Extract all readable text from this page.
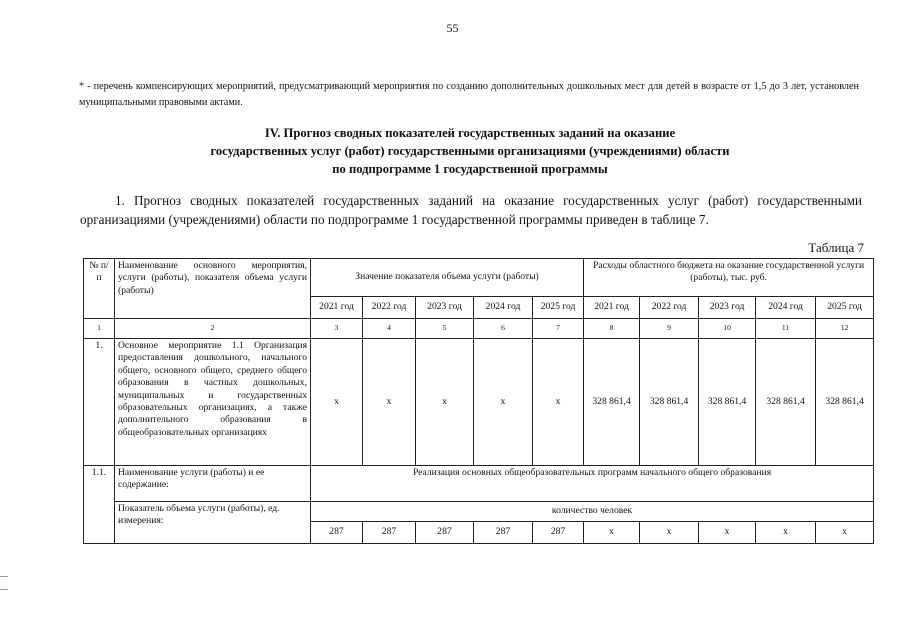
55
* - перечень компенсирующих мероприятий, предусматривающий мероприятия по созданию дополнительных дошкольных мест для детей в возрасте от 1,5 до 3 лет, установлен муниципальными правовыми актами.
IV. Прогноз сводных показателей государственных заданий на оказание
государственных услуг (работ) государственными организациями (учреждениями) области
по подпрограмме 1 государственной программы
1. Прогноз сводных показателей государственных заданий на оказание государственных услуг (работ) государственными организациями (учреждениями) области по подпрограмме 1 государственной программы приведен в таблице 7.
Таблица 7
№ п/п	Наименование основного мероприятия, услуги (работы), показателя объема услуги (работы)	Значение показателя объема услуги (работы)					Расходы областного бюджета на оказание государственной услуги (работы), тыс. руб.				
		2021 год	2022 год	2023 год	2024 год	2025 год	2021 год	2022 год	2023 год	2024 год	2025 год
1	2	3	4	5	6	7	8	9	10	11	12
1.	Основное мероприятие 1.1 Организация предоставления дошкольного, начального общего, основного общего, среднего общего образования в частных дошкольных, муниципальных и государственных образовательных организациях, а также дополнительного образования в общеобразовательных организациях	х	х	х	х	х	328 861,4	328 861,4	328 861,4	328 861,4	328 861,4
1.1.	Наименование услуги (работы) и ее содержание:	Реализация основных общеобразовательных программ начального общего образования									
	Показатель объема услуги (работы), ед. измерения:	количество человек									
		287	287	287	287	287	х	х	х	х	х
